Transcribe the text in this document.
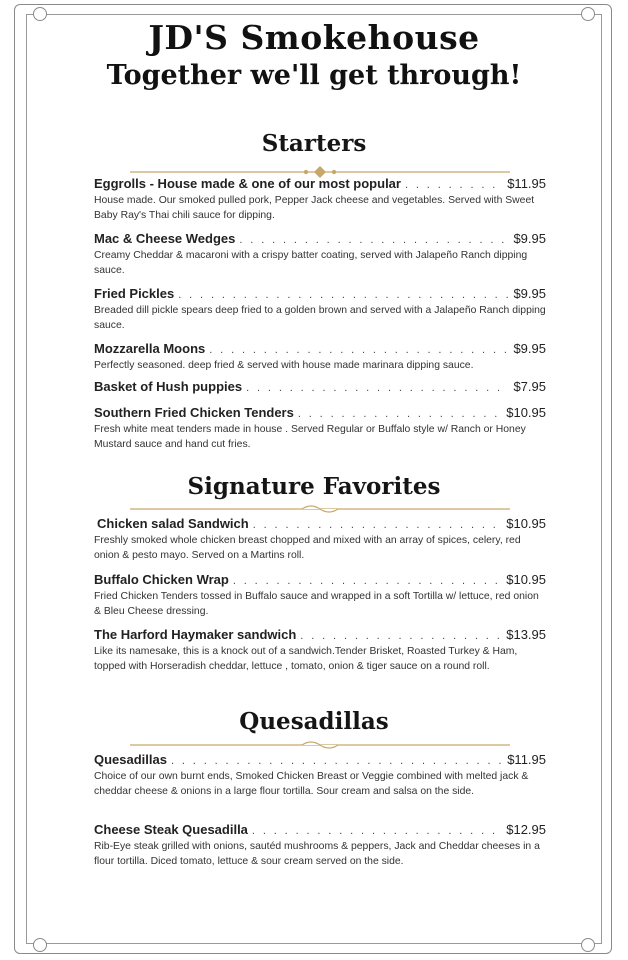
JD'S Smokehouse
Together we'll get through!
Starters
Eggrolls - House made & one of our most popular . . .	$11.95
House made. Our smoked pulled pork, Pepper Jack cheese and vegetables. Served with Sweet Baby Ray's Thai chili sauce for dipping.
Mac & Cheese Wedges . . .	$9.95
Creamy Cheddar & macaroni with a crispy batter coating, served with Jalapeño Ranch dipping sauce.
Fried Pickles . . .	$9.95
Breaded dill pickle spears deep fried to a golden brown and served with a Jalapeño Ranch dipping sauce.
Mozzarella Moons . . .	$9.95
Perfectly seasoned. deep fried & served with house made marinara dipping sauce.
Basket of Hush puppies . . .	$7.95
Southern Fried Chicken Tenders . . .	$10.95
Fresh white meat tenders made in house . Served Regular or Buffalo style w/ Ranch or Honey Mustard sauce and hand cut fries.
Signature Favorites
Chicken salad Sandwich . . .	$10.95
Freshly smoked whole chicken breast chopped and mixed with an array of spices, celery, red onion & pesto mayo. Served on a Martins roll.
Buffalo Chicken Wrap . . .	$10.95
Fried Chicken Tenders tossed in Buffalo sauce and wrapped in a soft Tortilla w/ lettuce, red onion & Bleu Cheese dressing.
The Harford Haymaker sandwich . . .	$13.95
Like its namesake, this is a knock out of a sandwich.Tender Brisket, Roasted Turkey & Ham, topped with Horseradish cheddar, lettuce , tomato, onion & tiger sauce on a round roll.
Quesadillas
Quesadillas . . .	$11.95
Choice of our own burnt ends, Smoked Chicken Breast or Veggie combined with melted jack & cheddar cheese & onions in a large flour tortilla. Sour cream and salsa on the side.
Cheese Steak Quesadilla . . .	$12.95
Rib-Eye steak grilled with onions, sautéd mushrooms & peppers, Jack and Cheddar cheeses in a flour tortilla. Diced tomato, lettuce & sour cream served on the side.
